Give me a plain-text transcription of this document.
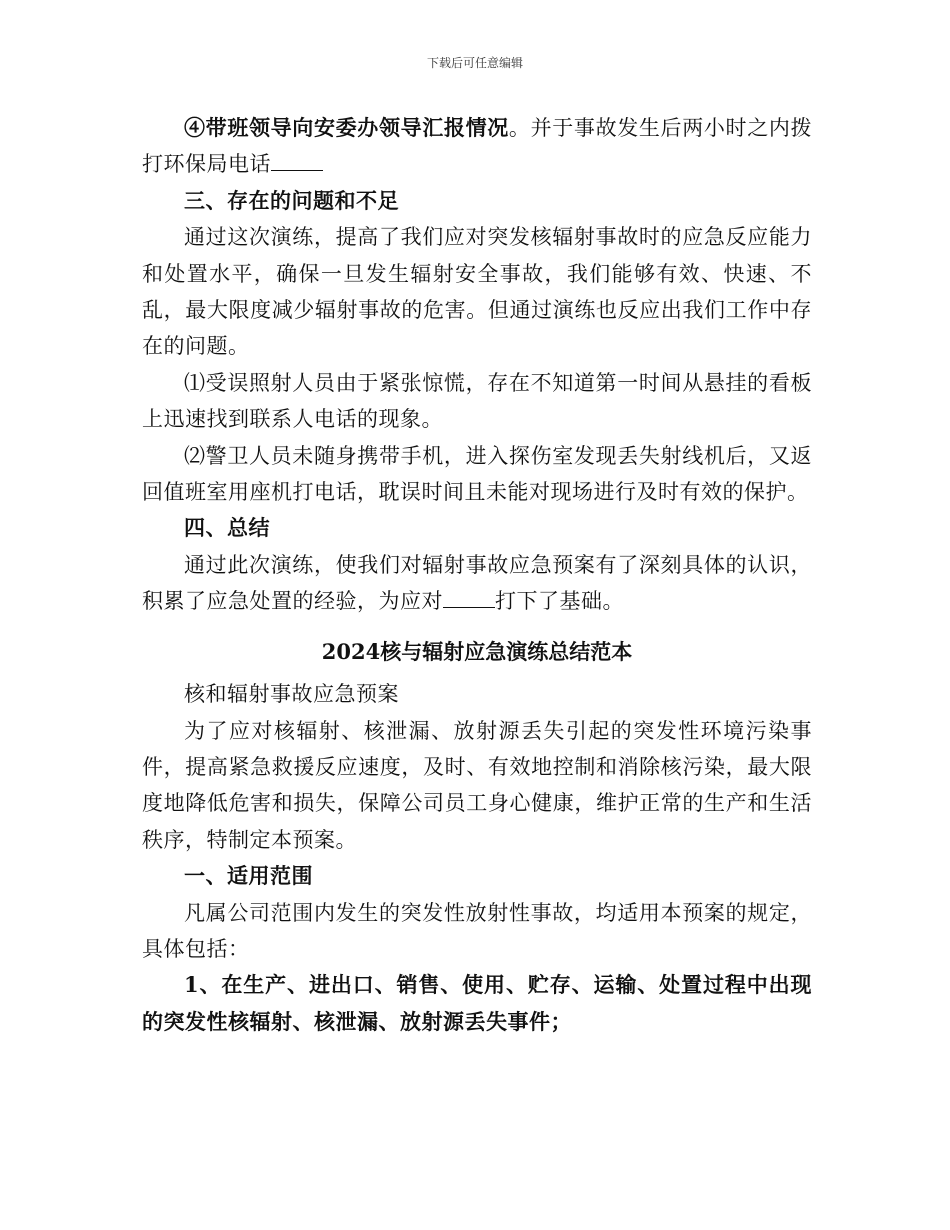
下载后可任意编辑

④带班领导向安委办领导汇报情况。并于事故发生后两小时之内拨打环保局电话

三、存在的问题和不足

通过这次演练，提高了我们应对突发核辐射事故时的应急反应能力和处置水平，确保一旦发生辐射安全事故，我们能够有效、快速、不乱，最大限度减少辐射事故的危害。但通过演练也反应出我们工作中存在的问题。

⑴受误照射人员由于紧张惊慌，存在不知道第一时间从悬挂的看板上迅速找到联系人电话的现象。

⑵警卫人员未随身携带手机，进入探伤室发现丢失射线机后，又返回值班室用座机打电话，耽误时间且未能对现场进行及时有效的保护。

四、总结

通过此次演练，使我们对辐射事故应急预案有了深刻具体的认识，积累了应急处置的经验，为应对 打下了基础。

2024核与辐射应急演练总结范本

核和辐射事故应急预案

为了应对核辐射、核泄漏、放射源丢失引起的突发性环境污染事件，提高紧急救援反应速度，及时、有效地控制和消除核污染，最大限度地降低危害和损失，保障公司员工身心健康，维护正常的生产和生活秩序，特制定本预案。

一、适用范围

凡属公司范围内发生的突发性放射性事故，均适用本预案的规定，具体包括：

1、在生产、进出口、销售、使用、贮存、运输、处置过程中出现的突发性核辐射、核泄漏、放射源丢失事件；
